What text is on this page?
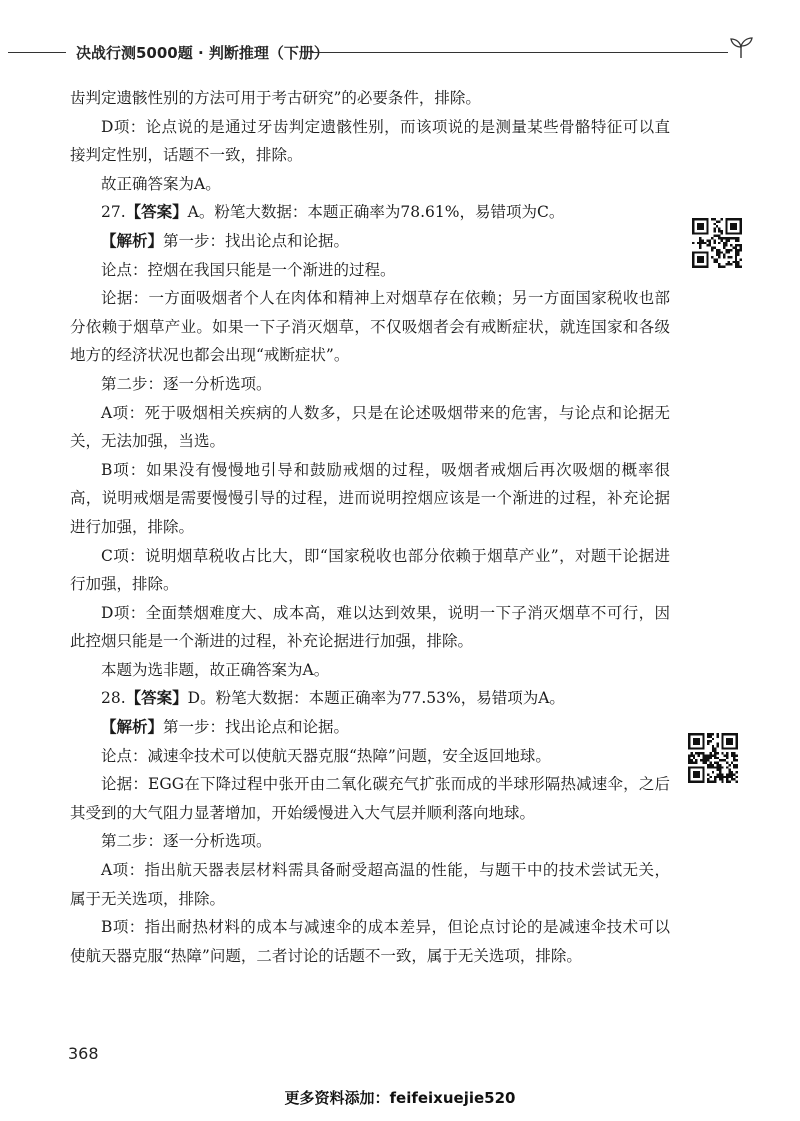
决战行测5000题 · 判断推理（下册）

齿判定遗骸性别的方法可用于考古研究”的必要条件，排除。

D项：论点说的是通过牙齿判定遗骸性别，而该项说的是测量某些骨骼特征可以直接判定性别，话题不一致，排除。

故正确答案为A。

27.【答案】A。粉笔大数据：本题正确率为78.61%，易错项为C。

【解析】第一步：找出论点和论据。

论点：控烟在我国只能是一个渐进的过程。

论据：一方面吸烟者个人在肉体和精神上对烟草存在依赖；另一方面国家税收也部分依赖于烟草产业。如果一下子消灭烟草，不仅吸烟者会有戒断症状，就连国家和各级地方的经济状况也都会出现“戒断症状”。

第二步：逐一分析选项。

A项：死于吸烟相关疾病的人数多，只是在论述吸烟带来的危害，与论点和论据无关，无法加强，当选。

B项：如果没有慢慢地引导和鼓励戒烟的过程，吸烟者戒烟后再次吸烟的概率很高，说明戒烟是需要慢慢引导的过程，进而说明控烟应该是一个渐进的过程，补充论据进行加强，排除。

C项：说明烟草税收占比大，即“国家税收也部分依赖于烟草产业”，对题干论据进行加强，排除。

D项：全面禁烟难度大、成本高，难以达到效果，说明一下子消灭烟草不可行，因此控烟只能是一个渐进的过程，补充论据进行加强，排除。

本题为选非题，故正确答案为A。

28.【答案】D。粉笔大数据：本题正确率为77.53%，易错项为A。

【解析】第一步：找出论点和论据。

论点：减速伞技术可以使航天器克服“热障”问题，安全返回地球。

论据：EGG在下降过程中张开由二氧化碳充气扩张而成的半球形隔热减速伞，之后其受到的大气阻力显著增加，开始缓慢进入大气层并顺利落向地球。

第二步：逐一分析选项。

A项：指出航天器表层材料需具备耐受超高温的性能，与题干中的技术尝试无关，属于无关选项，排除。

B项：指出耐热材料的成本与减速伞的成本差异，但论点讨论的是减速伞技术可以使航天器克服“热障”问题，二者讨论的话题不一致，属于无关选项，排除。

368
更多资料添加：feifeixuejie520
